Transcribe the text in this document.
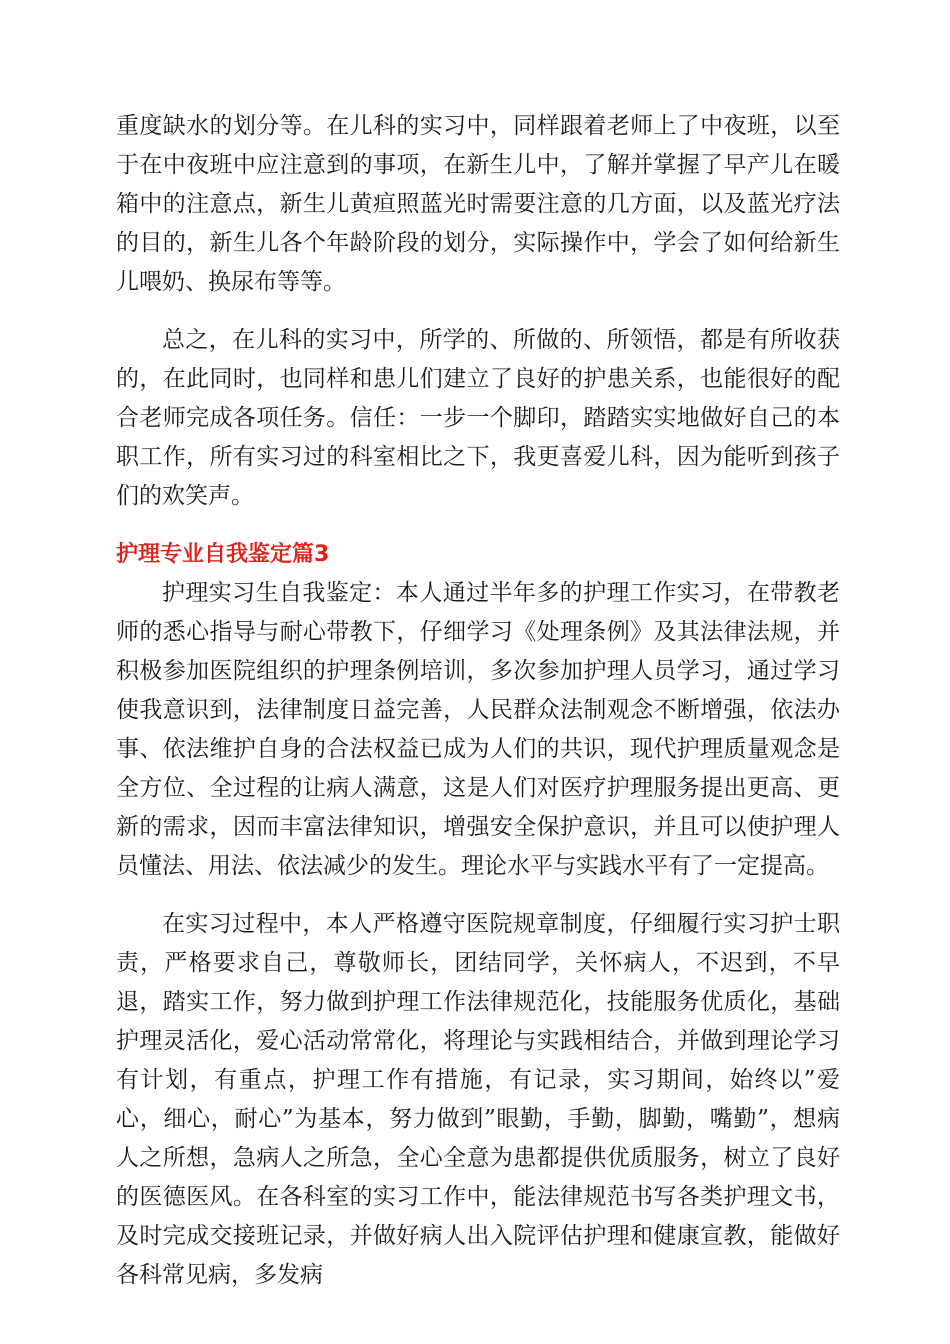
重度缺水的划分等。在儿科的实习中，同样跟着老师上了中夜班，以至于在中夜班中应注意到的事项，在新生儿中，了解并掌握了早产儿在暖箱中的注意点，新生儿黄疸照蓝光时需要注意的几方面，以及蓝光疗法的目的，新生儿各个年龄阶段的划分，实际操作中，学会了如何给新生儿喂奶、换尿布等等。

总之，在儿科的实习中，所学的、所做的、所领悟，都是有所收获的，在此同时，也同样和患儿们建立了良好的护患关系，也能很好的配合老师完成各项任务。信任：一步一个脚印，踏踏实实地做好自己的本职工作，所有实习过的科室相比之下，我更喜爱儿科，因为能听到孩子们的欢笑声。

护理专业自我鉴定篇3

护理实习生自我鉴定：本人通过半年多的护理工作实习，在带教老师的悉心指导与耐心带教下，仔细学习《处理条例》及其法律法规，并积极参加医院组织的护理条例培训，多次参加护理人员学习，通过学习使我意识到，法律制度日益完善，人民群众法制观念不断增强，依法办事、依法维护自身的合法权益已成为人们的共识，现代护理质量观念是全方位、全过程的让病人满意，这是人们对医疗护理服务提出更高、更新的需求，因而丰富法律知识，增强安全保护意识，并且可以使护理人员懂法、用法、依法减少的发生。理论水平与实践水平有了一定提高。

在实习过程中，本人严格遵守医院规章制度，仔细履行实习护士职责，严格要求自己，尊敬师长，团结同学，关怀病人，不迟到，不早退，踏实工作，努力做到护理工作法律规范化，技能服务优质化，基础护理灵活化，爱心活动常常化，将理论与实践相结合，并做到理论学习有计划，有重点，护理工作有措施，有记录，实习期间，始终以”爱心，细心，耐心”为基本，努力做到”眼勤，手勤，脚勤，嘴勤”，想病人之所想，急病人之所急，全心全意为患都提供优质服务，树立了良好的医德医风。在各科室的实习工作中，能法律规范书写各类护理文书，及时完成交接班记录，并做好病人出入院评估护理和健康宣教，能做好各科常见病，多发病
